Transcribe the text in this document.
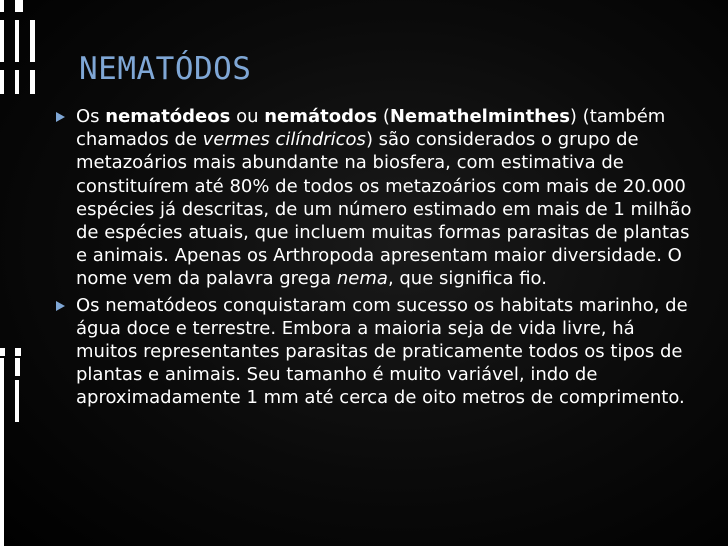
NEMATÓDOS
Os nematódeos ou nemátodos (Nemathelminthes) (também chamados de vermes cilíndricos) são considerados o grupo de metazoários mais abundante na biosfera, com estimativa de constituírem até 80% de todos os metazoários com mais de 20.000 espécies já descritas, de um número estimado em mais de 1 milhão de espécies atuais, que incluem muitas formas parasitas de plantas e animais. Apenas os Arthropoda apresentam maior diversidade. O nome vem da palavra grega nema, que significa fio.
Os nematódeos conquistaram com sucesso os habitats marinho, de água doce e terrestre. Embora a maioria seja de vida livre, há muitos representantes parasitas de praticamente todos os tipos de plantas e animais. Seu tamanho é muito variável, indo de aproximadamente 1 mm até cerca de oito metros de comprimento.
